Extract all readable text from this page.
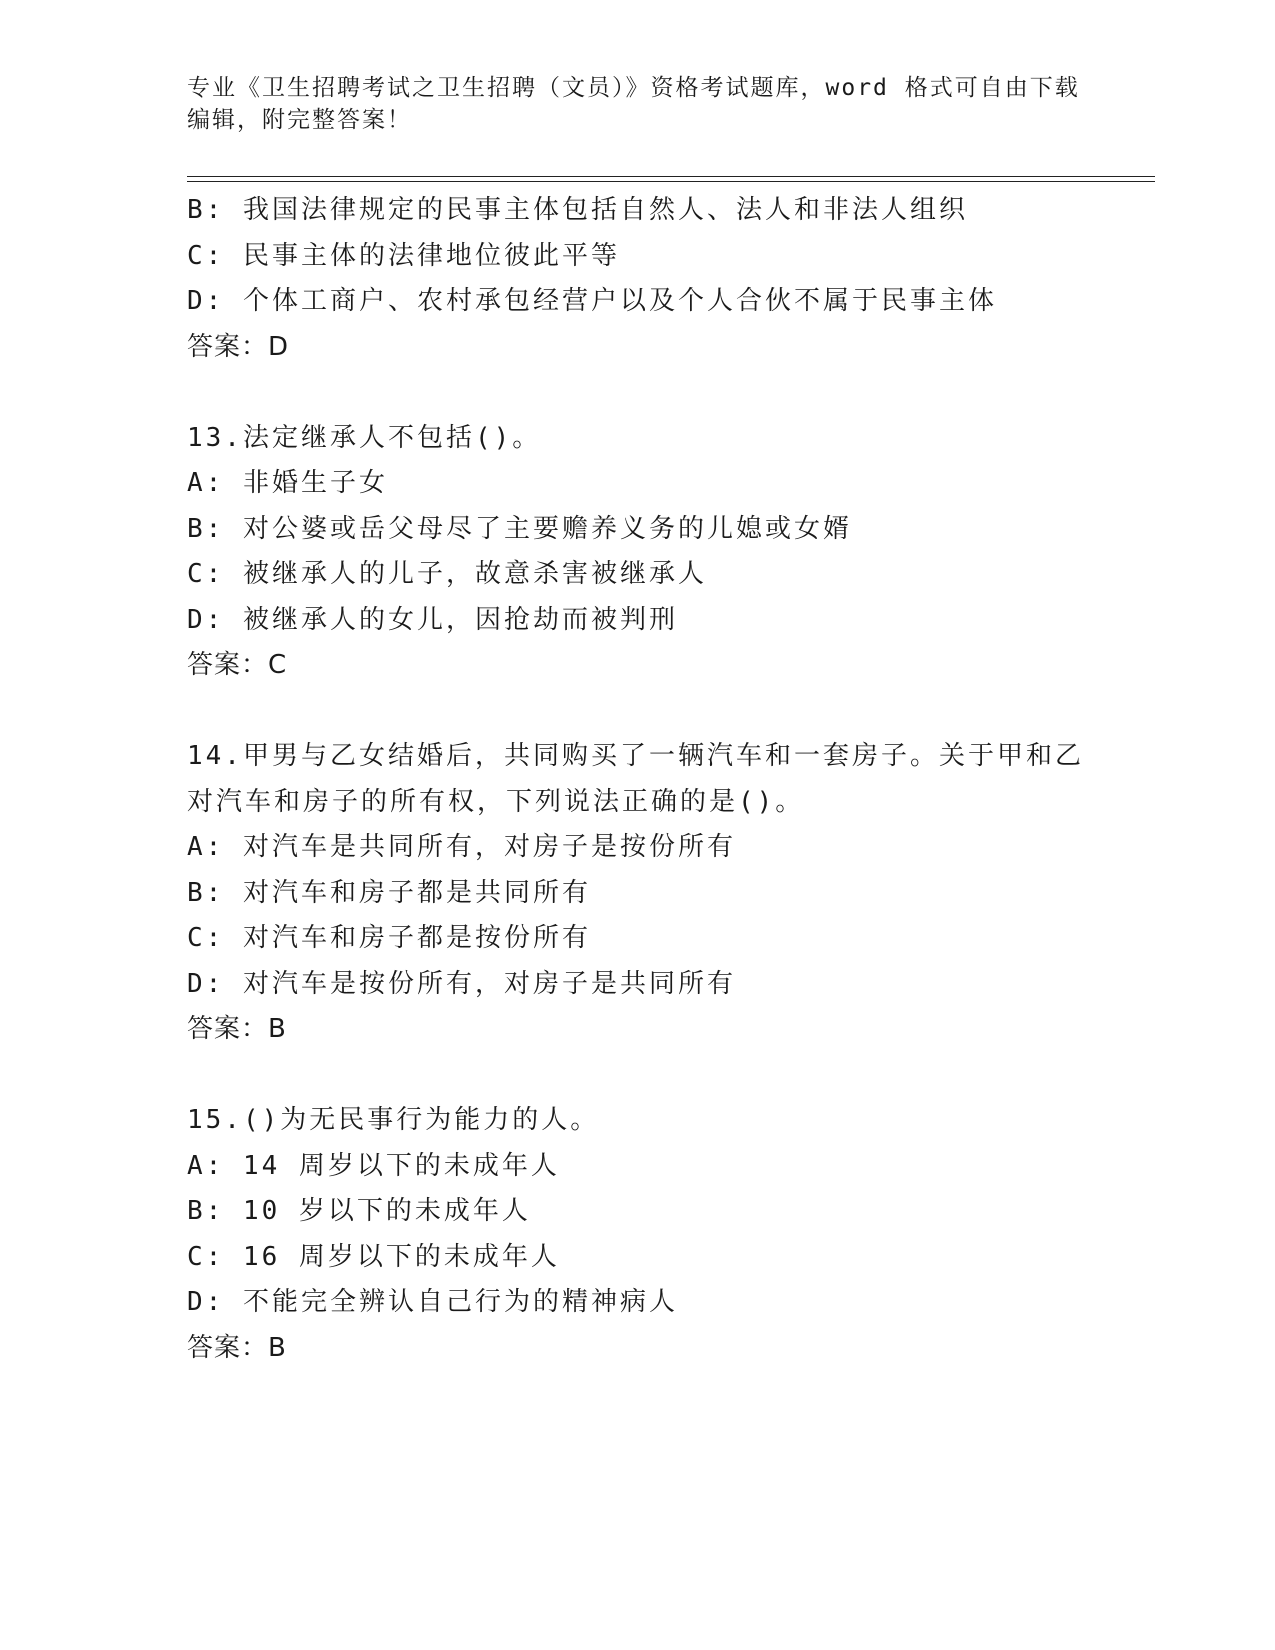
专业《卫生招聘考试之卫生招聘（文员）》资格考试题库，word 格式可自由下载
编辑，附完整答案！
B: 我国法律规定的民事主体包括自然人、法人和非法人组织
C: 民事主体的法律地位彼此平等
D: 个体工商户、农村承包经营户以及个人合伙不属于民事主体
答案：D
13.法定继承人不包括()。
A: 非婚生子女
B: 对公婆或岳父母尽了主要赡养义务的儿媳或女婿
C: 被继承人的儿子，故意杀害被继承人
D: 被继承人的女儿，因抢劫而被判刑
答案：C
14.甲男与乙女结婚后，共同购买了一辆汽车和一套房子。关于甲和乙
对汽车和房子的所有权，下列说法正确的是()。
A: 对汽车是共同所有，对房子是按份所有
B: 对汽车和房子都是共同所有
C: 对汽车和房子都是按份所有
D: 对汽车是按份所有，对房子是共同所有
答案：B
15.()为无民事行为能力的人。
A: 14 周岁以下的未成年人
B: 10 岁以下的未成年人
C: 16 周岁以下的未成年人
D: 不能完全辨认自己行为的精神病人
答案：B
